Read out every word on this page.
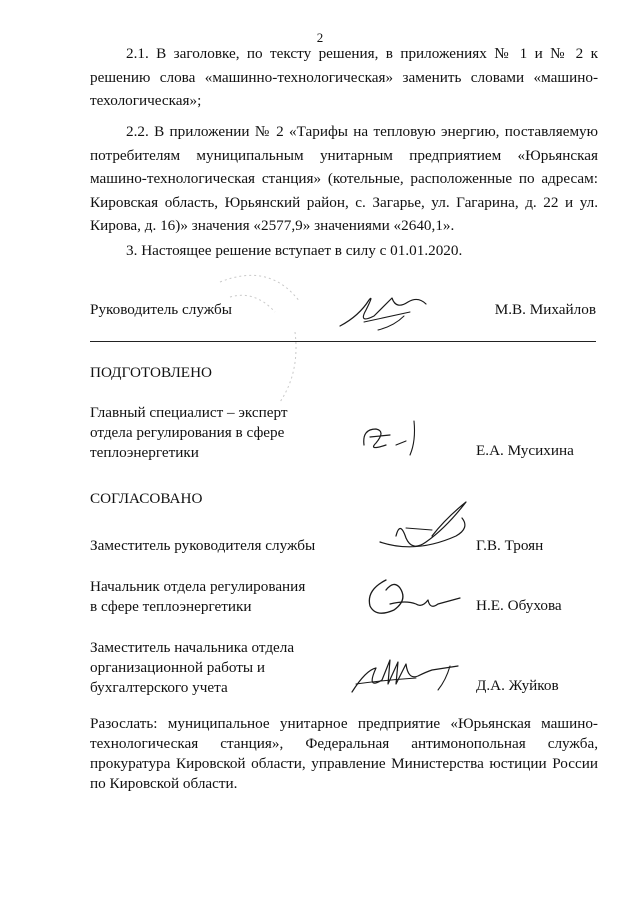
2

2.1. В заголовке, по тексту решения, в приложениях № 1 и № 2 к решению слова «машинно-технологическая» заменить словами «машино-техологическая»;

2.2. В приложении № 2 «Тарифы на тепловую энергию, поставляемую потребителям муниципальным унитарным предприятием «Юрьянская машино-технологическая станция» (котельные, расположенные по адресам: Кировская область, Юрьянский район, с. Загарье, ул. Гагарина, д. 22 и ул. Кирова, д. 16)» значения «2577,9» значениями «2640,1».

3. Настоящее решение вступает в силу с 01.01.2020.

Руководитель службы	М.В. Михайлов
ПОДГОТОВЛЕНО
Главный специалист – эксперт
отдела регулирования в сфере
теплоэнергетики	Е.А. Мусихина
СОГЛАСОВАНО
Заместитель руководителя службы	Г.В. Троян
Начальник отдела регулирования
в сфере теплоэнергетики	Н.Е. Обухова
Заместитель начальника отдела
организационной работы и
бухгалтерского учета	Д.А. Жуйков

Разослать: муниципальное унитарное предприятие «Юрьянская машино-технологическая станция», Федеральная антимонопольная служба, прокуратура Кировской области, управление Министерства юстиции России по Кировской области.
